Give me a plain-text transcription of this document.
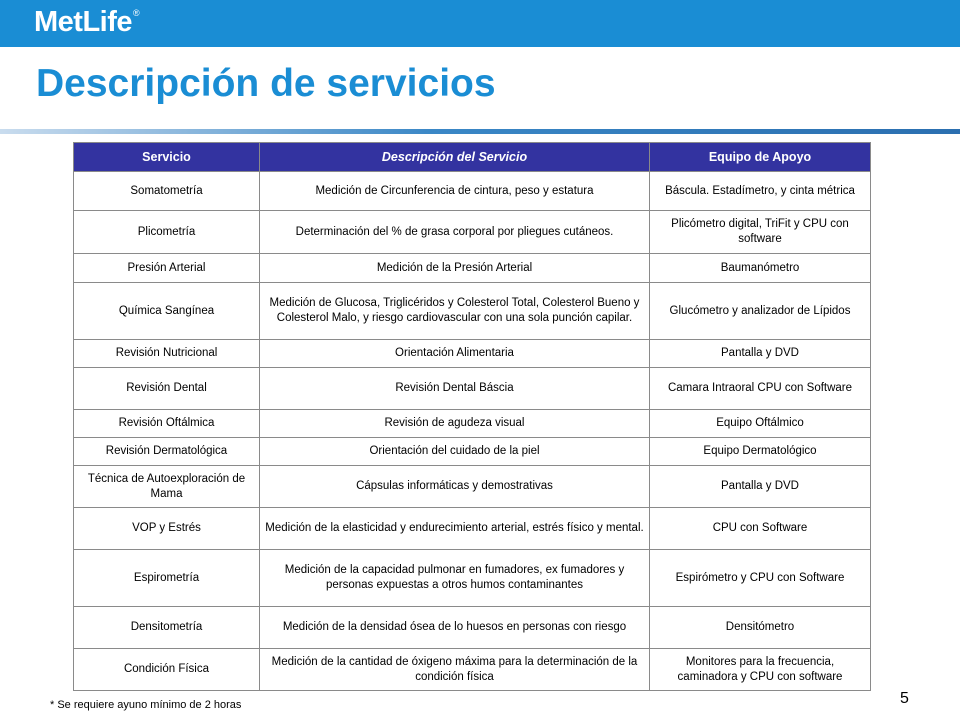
MetLife®
Descripción de servicios
Servicio	Descripción del Servicio	Equipo de Apoyo
Somatometría	Medición de Circunferencia de cintura, peso y estatura	Báscula. Estadímetro, y cinta métrica
Plicometría	Determinación del % de grasa corporal por pliegues cutáneos.	Plicómetro digital, TriFit y CPU con software
Presión Arterial	Medición de la Presión Arterial	Baumanómetro
Química Sangínea	Medición de Glucosa, Triglicéridos y Colesterol Total, Colesterol Bueno y Colesterol Malo, y riesgo cardiovascular con una sola punción capilar.	Glucómetro y analizador de Lípidos
Revisión Nutricional	Orientación Alimentaria	Pantalla y DVD
Revisión Dental	Revisión Dental Báscia	Camara Intraoral CPU con Software
Revisión Oftálmica	Revisión de agudeza visual	Equipo Oftálmico
Revisión Dermatológica	Orientación del cuidado de la piel	Equipo Dermatológico
Técnica de Autoexploración de Mama	Cápsulas informáticas y demostrativas	Pantalla y DVD
VOP y Estrés	Medición de la elasticidad y endurecimiento arterial, estrés físico y mental.	CPU con Software
Espirometría	Medición de la capacidad pulmonar en fumadores, ex fumadores y personas expuestas a otros humos contaminantes	Espirómetro y CPU con Software
Densitometría	Medición de la densidad ósea de lo huesos en personas con riesgo	Densitómetro
Condición Física	Medición de la cantidad de óxigeno máxima para la determinación de la condición física	Monitores para la frecuencia, caminadora y CPU con software
* Se requiere ayuno mínimo de 2 horas	5
